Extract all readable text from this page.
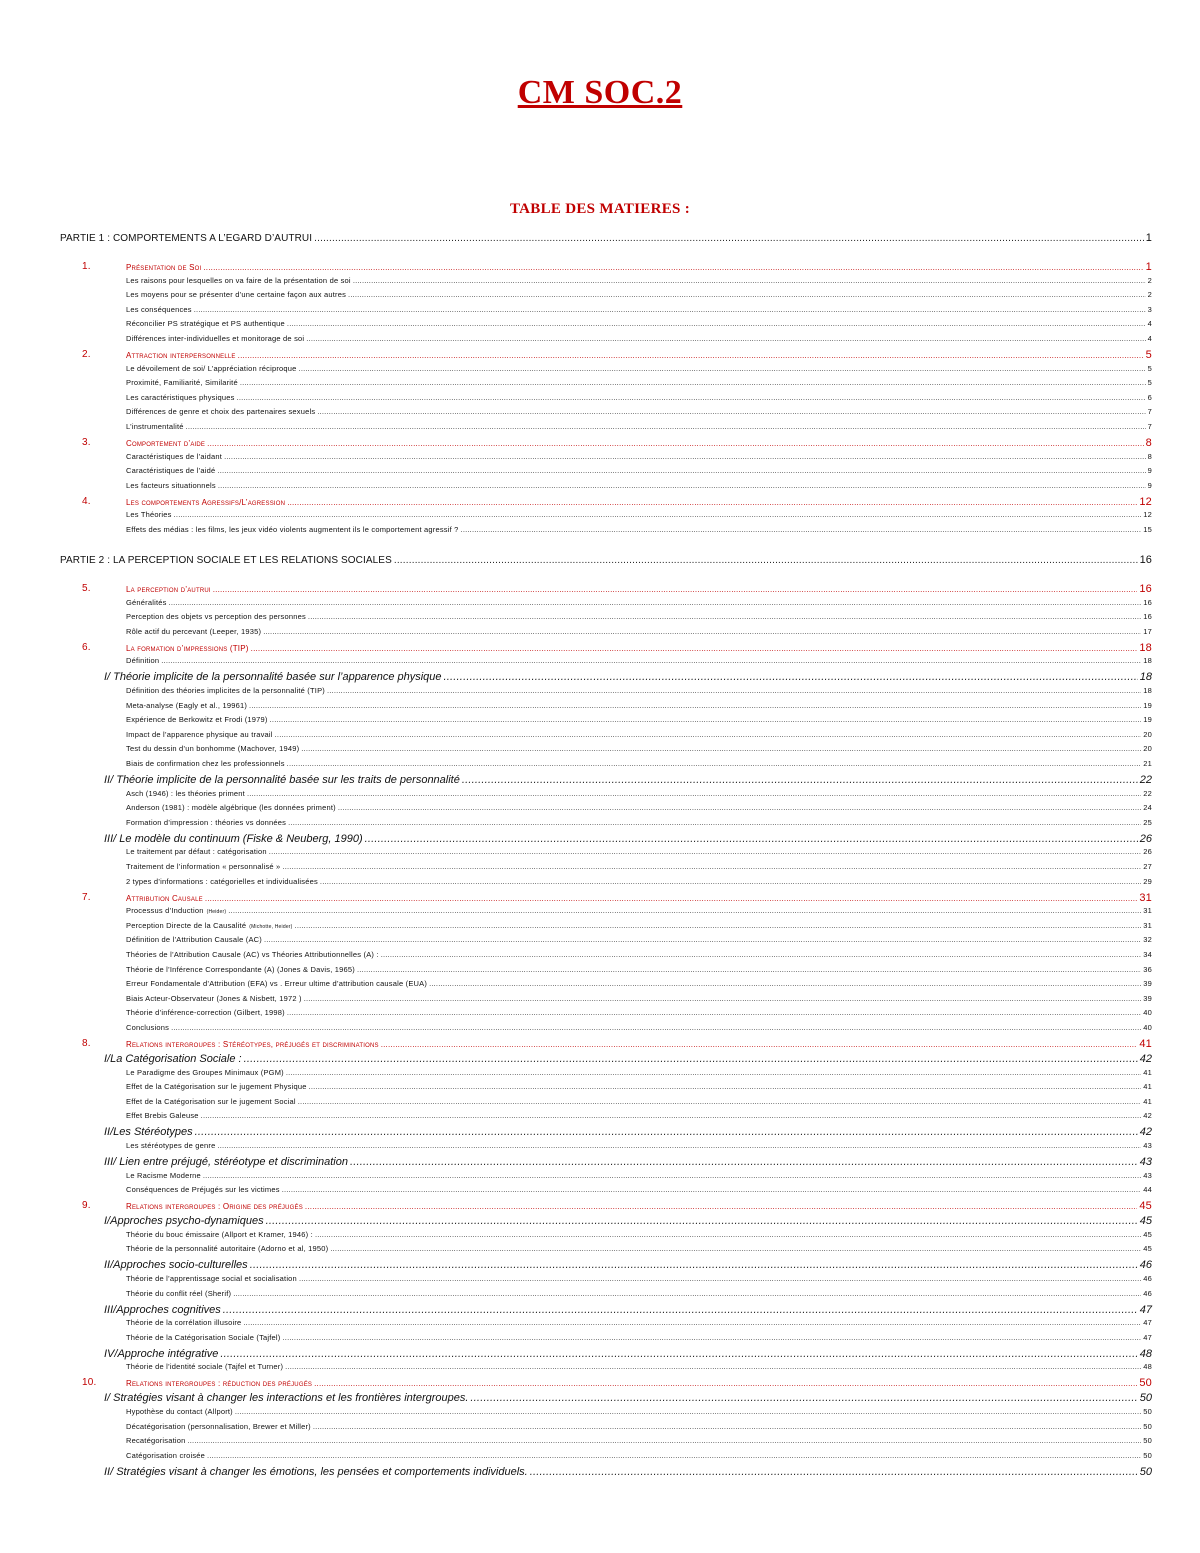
CM SOC.2
TABLE DES MATIERES :
PARTIE 1 : COMPORTEMENTS A L’EGARD D’AUTRUI .....	1
1.	Présentation de Soi .....	1
Les raisons pour lesquelles on va faire de la présentation de soi .....	2
Les moyens pour se présenter d’une certaine façon aux autres .....	2
Les conséquences .....	3
Réconcilier PS stratégique et PS authentique .....	4
Différences inter-individuelles et monitorage de soi .....	4
2.	Attraction interpersonnelle .....	5
Le dévoilement de soi/ L’appréciation réciproque .....	5
Proximité, Familiarité, Similarité .....	5
Les caractéristiques physiques .....	6
Différences de genre et choix des partenaires sexuels .....	7
L’instrumentalité .....	7
3.	Comportement d’aide .....	8
Caractéristiques de l’aidant .....	8
Caractéristiques de l’aidé .....	9
Les facteurs situationnels .....	9
4.	Les comportements Agressifs/L’agression .....	12
Les Théories .....	12
Effets des médias : les films, les jeux vidéo violents augmentent ils le comportement agressif ? .....	15
PARTIE 2 : LA PERCEPTION SOCIALE ET LES RELATIONS SOCIALES .....	16
5.	La perception d’autrui .....	16
Généralités .....	16
Perception des objets vs perception des personnes .....	16
Rôle actif du percevant (Leeper, 1935) .....	17
6.	La formation d’impressions (TIP) .....	18
Définition .....	18
I/ Théorie implicite de la personnalité basée sur l’apparence physique .....	18
Définition des théories implicites de la personnalité (TIP) .....	18
Meta-analyse (Eagly et al., 19961) .....	19
Expérience de Berkowitz et Frodi (1979) .....	19
Impact de l’apparence physique au travail .....	20
Test du dessin d’un bonhomme (Machover, 1949) .....	20
Biais de confirmation chez les professionnels .....	21
II/ Théorie implicite de la personnalité basée sur les traits de personnalité .....	22
Asch (1946) : les théories priment .....	22
Anderson (1981) : modèle algébrique (les données priment) .....	24
Formation d’impression : théories vs données .....	25
III/ Le modèle du continuum (Fiske & Neuberg, 1990) .....	26
Le traitement par défaut : catégorisation .....	26
Traitement de l’information « personnalisé » .....	27
2 types d’informations : catégorielles et individualisées .....	29
7.	Attribution Causale .....	31
Processus d’Induction (Heider) .....	31
Perception Directe de la Causalité (Michotte, Heider) .....	31
Définition de l’Attribution Causale (AC) .....	32
Théories de l’Attribution Causale (AC) vs Théories Attributionnelles (A) : .....	34
Théorie de l’Inférence Correspondante (A) (Jones & Davis, 1965) .....	36
Erreur Fondamentale d’Attribution (EFA) vs . Erreur ultime d’attribution causale (EUA) .....	39
Biais Acteur-Observateur (Jones & Nisbett, 1972 ) .....	39
Théorie d’inférence-correction (Gilbert, 1998) .....	40
Conclusions .....	40
8.	Relations intergroupes : Stéréotypes, préjugés et discriminations .....	41
I/La Catégorisation Sociale : .....	42
Le Paradigme des Groupes Minimaux (PGM) .....	41
Effet de la Catégorisation sur le jugement Physique .....	41
Effet de la Catégorisation sur le jugement Social .....	41
Effet Brebis Galeuse .....	42
II/Les Stéréotypes .....	42
Les stéréotypes de genre .....	43
III/ Lien entre préjugé, stéréotype et discrimination .....	43
Le Racisme Moderne .....	43
Conséquences de Préjugés sur les victimes .....	44
9.	Relations intergroupes : Origine des préjugés .....	45
I/Approches psycho-dynamiques .....	45
Théorie du bouc émissaire (Allport et Kramer, 1946) : .....	45
Théorie de la personnalité autoritaire (Adorno et al, 1950) .....	45
II/Approches socio-culturelles .....	46
Théorie de l’apprentissage social et socialisation .....	46
Théorie du conflit réel (Sherif) .....	46
III/Approches cognitives .....	47
Théorie de la corrélation illusoire .....	47
Théorie de la Catégorisation Sociale (Tajfel) .....	47
IV/Approche intégrative .....	48
Théorie de l’identité sociale (Tajfel et Turner) .....	48
10.	Relations intergroupes : réduction des préjugés .....	50
I/ Stratégies visant à changer les interactions et les frontières intergroupes. .....	50
Hypothèse du contact (Allport) .....	50
Décatégorisation (personnalisation, Brewer et Miller) .....	50
Recatégorisation .....	50
Catégorisation croisée .....	50
II/ Stratégies visant à changer les émotions, les pensées et comportements individuels. .....	50
